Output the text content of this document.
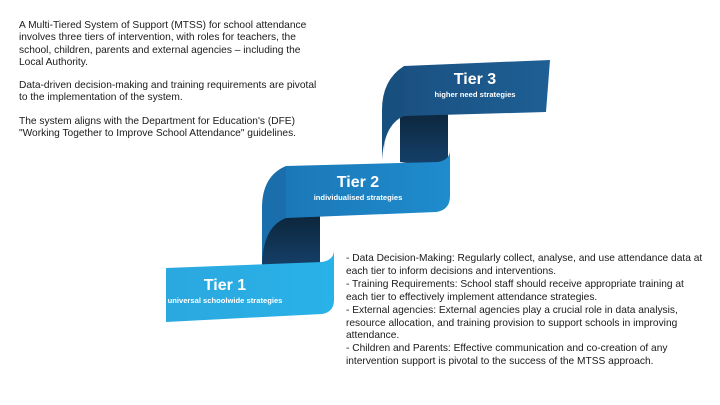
A Multi-Tiered System of Support (MTSS) for school attendance involves three tiers of intervention, with roles for teachers, the school, children, parents and external agencies – including the Local Authority.

Data-driven decision-making and training requirements are pivotal to the implementation of the system.

The system aligns with the Department for Education's (DFE) "Working Together to Improve School Attendance" guidelines.

Tier 3
higher need strategies
Tier 2
individualised strategies
Tier 1
universal schoolwide strategies
- Data Decision-Making: Regularly collect, analyse, and use attendance data at each tier to inform decisions and interventions.
- Training Requirements: School staff should receive appropriate training at each tier to effectively implement attendance strategies.
- External agencies: External agencies play a crucial role in data analysis, resource allocation, and training provision to support schools in improving attendance.
- Children and Parents: Effective communication and co-creation of any intervention support is pivotal to the success of the MTSS approach.
